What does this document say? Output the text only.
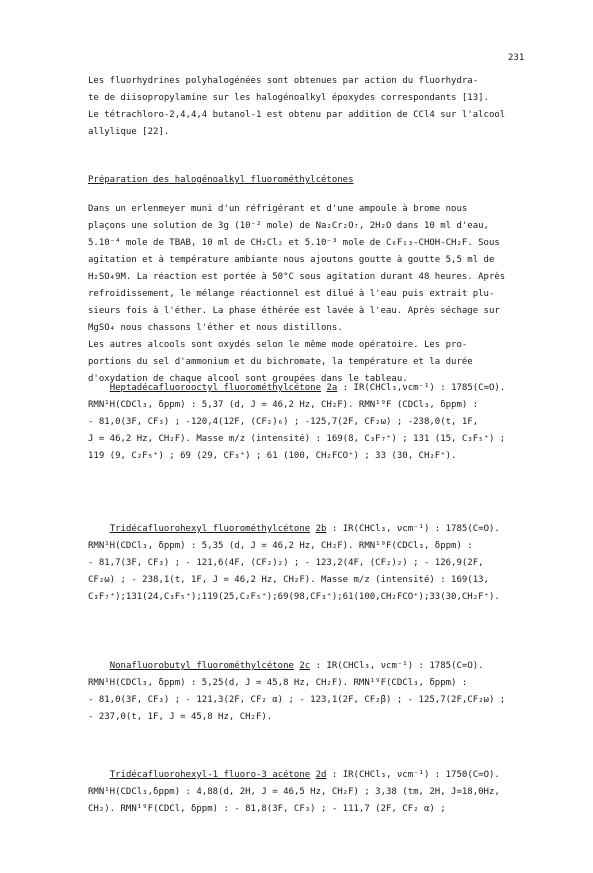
231
Les fluorhydrines polyhalogénées sont obtenues par action du fluorhydra-
te de diisopropylamine sur les halogénoalkyl époxydes correspondants [13].
Le tétrachloro-2,4,4,4 butanol-1 est obtenu par addition de CCl4 sur l'alcool
allylique [22].
Préparation des halogénoalkyl fluorométhylcétones
Dans un erlenmeyer muni d'un réfrigérant et d'une ampoule à brome nous
plaçons une solution de 3g (10⁻² mole) de Na₂Cr₂O₇, 2H₂O dans 10 ml d'eau,
5.10⁻⁴ mole de TBAB, 10 ml de CH₂Cl₂ et 5.10⁻³ mole de C₆F₁₃-CHOH-CH₂F. Sous
agitation et à température ambiante nous ajoutons goutte à goutte 5,5 ml de
H₂SO₄9M. La réaction est portée à 50°C sous agitation durant 48 heures. Après
refroidissement, le mélange réactionnel est dilué à l'eau puis extrait plu-
sieurs fois à l'éther. La phase éthérée est lavée à l'eau. Après séchage sur
MgSO₄ nous chassons l'éther et nous distillons.
Les autres alcools sont oxydés selon le même mode opératoire. Les pro-
portions du sel d'ammonium et du bichromate, la température et la durée
d'oxydation de chaque alcool sont groupées dans le tableau.
Heptadécafluorooctyl fluorométhylcétone 2a : IR(CHCl₃,νcm⁻¹) : 1785(C=O).
RMN¹H(CDCl₃, δppm) : 5,37 (d, J = 46,2 Hz, CH₂F). RMN¹⁹F (CDCl₃, δppm) :
- 81,0(3F, CF₃) ; -120,4(12F, (CF₂)₆) ; -125,7(2F, CF₂ω) ; -238,0(t, 1F,
J = 46,2 Hz, CH₂F). Masse m/z (intensité) : 169(8, C₃F₇⁺) ; 131 (15, C₃F₅⁺) ;
119 (9, C₂F₅⁺) ; 69 (29, CF₃⁺) ; 61 (100, CH₂FCO⁺) ; 33 (30, CH₂F⁺).
Tridécafluorohexyl fluorométhylcétone 2b : IR(CHCl₃, νcm⁻¹) : 1785(C=O).
RMN¹H(CDCl₃, δppm) : 5,35 (d, J = 46,2 Hz, CH₂F). RMN¹⁹F(CDCl₃, δppm) :
- 81,7(3F, CF₃) ; - 121,6(4F, (CF₂)₂) ; - 123,2(4F, (CF₂)₂) ; - 126,9(2F,
CF₂ω) ; - 238,1(t, 1F, J = 46,2 Hz, CH₂F). Masse m/z (intensité) : 169(13,
C₃F₇⁺);131(24,C₃F₅⁺);119(25,C₂F₅⁺);69(98,CF₃⁺);61(100,CH₂FCO⁺);33(30,CH₂F⁺).
Nonafluorobutyl fluorométhylcétone 2c : IR(CHCl₃, νcm⁻¹) : 1785(C=O).
RMN¹H(CDCl₃, δppm) : 5,25(d, J = 45,8 Hz, CH₂F). RMN¹⁹F(CDCl₃, δppm) :
- 81,0(3F, CF₃) ; - 121,3(2F, CF₂ α) ; - 123,1(2F, CF₂β) ; - 125,7(2F,CF₂ω) ;
- 237,0(t, 1F, J = 45,8 Hz, CH₂F).
Tridécafluorohexyl-1 fluoro-3 acétone 2d : IR(CHCl₃, νcm⁻¹) : 1750(C=O).
RMN¹H(CDCl₃,δppm) : 4,88(d, 2H, J = 46,5 Hz, CH₂F) ; 3,38 (tm, 2H, J=18,0Hz,
CH₂). RMN¹⁹F(CDCl, δppm) : - 81,8(3F, CF₃) ; - 111,7 (2F, CF₂ α) ;
